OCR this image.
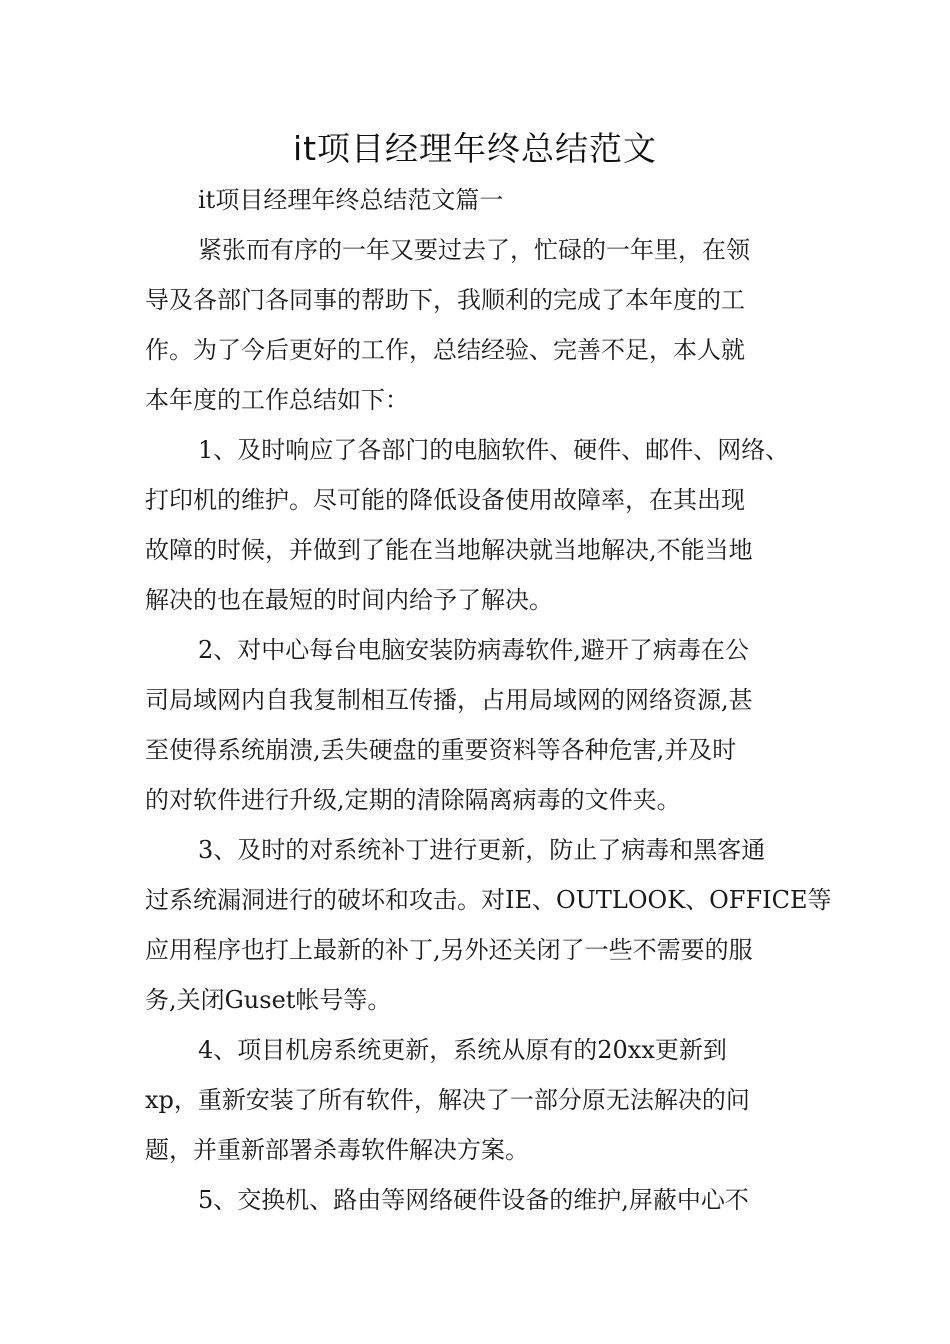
it项目经理年终总结范文
it项目经理年终总结范文篇一
紧张而有序的一年又要过去了，忙碌的一年里，在领
导及各部门各同事的帮助下，我顺利的完成了本年度的工
作。为了今后更好的工作，总结经验、完善不足，本人就
本年度的工作总结如下：
1、及时响应了各部门的电脑软件、硬件、邮件、网络、
打印机的维护。尽可能的降低设备使用故障率，在其出现
故障的时候，并做到了能在当地解决就当地解决,不能当地
解决的也在最短的时间内给予了解决。
2、对中心每台电脑安装防病毒软件,避开了病毒在公
司局域网内自我复制相互传播，占用局域网的网络资源,甚
至使得系统崩溃,丢失硬盘的重要资料等各种危害,并及时
的对软件进行升级,定期的清除隔离病毒的文件夹。
3、及时的对系统补丁进行更新，防止了病毒和黑客通
过系统漏洞进行的破坏和攻击。对IE、OUTLOOK、OFFICE等
应用程序也打上最新的补丁,另外还关闭了一些不需要的服
务,关闭Guset帐号等。
4、项目机房系统更新，系统从原有的20xx更新到
xp，重新安装了所有软件，解决了一部分原无法解决的问
题，并重新部署杀毒软件解决方案。
5、交换机、路由等网络硬件设备的维护,屏蔽中心不
